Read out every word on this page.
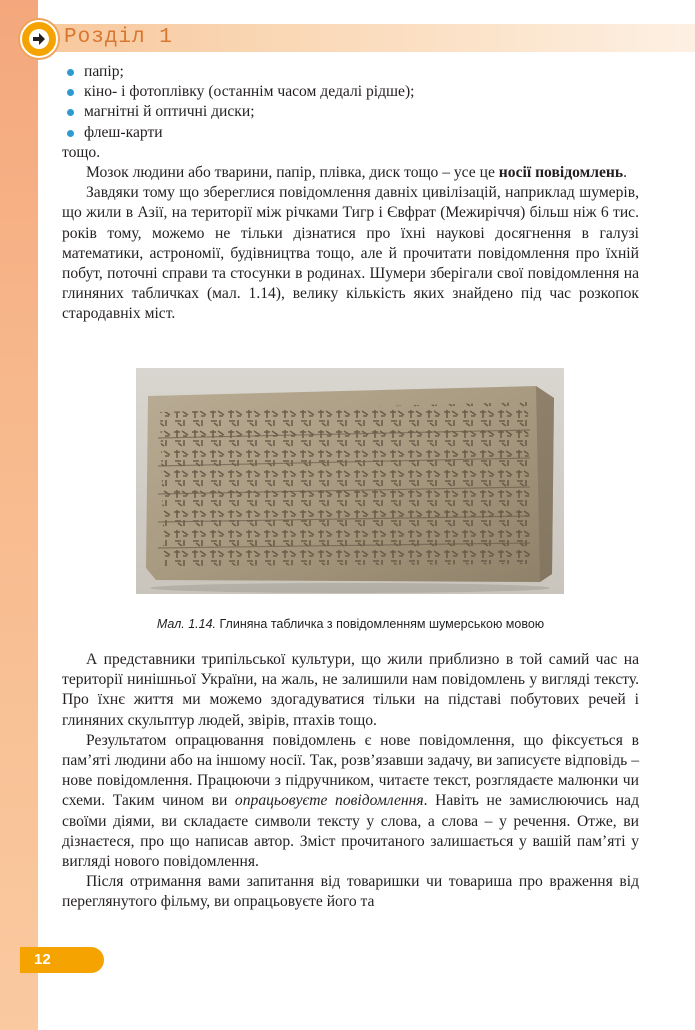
Розділ 1
папір;
кіно- і фотоплівку (останнім часом дедалі рідше);
магнітні й оптичні диски;
флеш-карти

тощо.

Мозок людини або тварини, папір, плівка, диск тощо – усе це носії повідомлень.

Завдяки тому що збереглися повідомлення давніх цивілізацій, наприклад шумерів, що жили в Азії, на території між річками Тигр і Євфрат (Межиріччя) більш ніж 6 тис. років тому, можемо не тільки дізнатися про їхні наукові досягнення в галузі математики, астрономії, будівництва тощо, але й прочитати повідомлення про їхній побут, поточні справи та стосунки в родинах. Шумери зберігали свої повідомлення на глиняних табличках (мал. 1.14), велику кількість яких знайдено під час розкопок стародавніх міст.

Мал. 1.14. Глиняна табличка з повідомленням шумерською мовою

А представники трипільської культури, що жили приблизно в той самий час на території нинішньої України, на жаль, не залишили нам повідомлень у вигляді тексту. Про їхнє життя ми можемо здогадуватися тільки на підставі побутових речей і глиняних скульптур людей, звірів, птахів тощо.

Результатом опрацювання повідомлень є нове повідомлення, що фіксується в пам’яті людини або на іншому носії. Так, розв’язавши задачу, ви записуєте відповідь – нове повідомлення. Працюючи з підручником, читаєте текст, розглядаєте малюнки чи схеми. Таким чином ви опрацьовуєте повідомлення. Навіть не замислюючись над своїми діями, ви складаєте символи тексту у слова, а слова – у речення. Отже, ви дізнаєтеся, про що написав автор. Зміст прочитаного залишається у вашій пам’яті у вигляді нового повідомлення.

Після отримання вами запитання від товаришки чи товариша про враження від переглянутого фільму, ви опрацьовуєте його та

12
